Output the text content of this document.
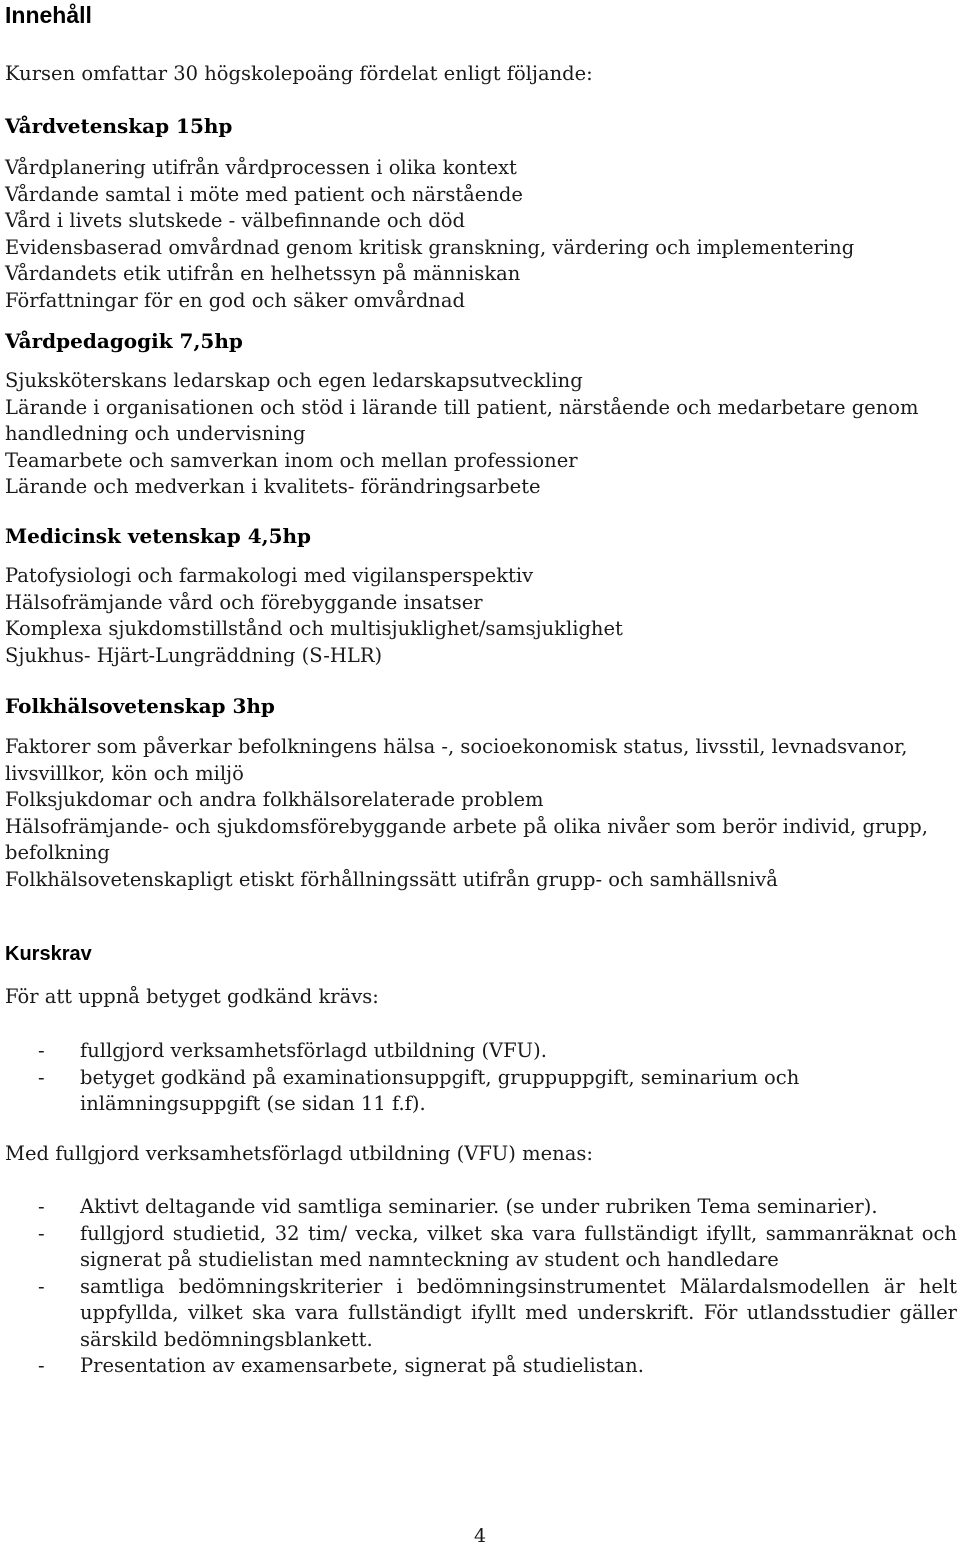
Innehåll
Kursen omfattar 30 högskolepoäng fördelat enligt följande:
Vårdvetenskap 15hp
Vårdplanering utifrån vårdprocessen i olika kontext
Vårdande samtal i möte med patient och närstående
Vård i livets slutskede - välbefinnande och död
Evidensbaserad omvårdnad genom kritisk granskning, värdering och implementering
Vårdandets etik utifrån en helhetssyn på människan
Författningar för en god och säker omvårdnad
Vårdpedagogik 7,5hp
Sjuksköterskans ledarskap och egen ledarskapsutveckling
Lärande i organisationen och stöd i lärande till patient, närstående och medarbetare genom handledning och undervisning
Teamarbete och samverkan inom och mellan professioner
Lärande och medverkan i kvalitets- förändringsarbete
Medicinsk vetenskap 4,5hp
Patofysiologi och farmakologi med vigilansperspektiv
Hälsofrämjande vård och förebyggande insatser
Komplexa sjukdomstillstånd och multisjuklighet/samsjuklighet
Sjukhus- Hjärt-Lungräddning (S-HLR)
Folkhälsovetenskap 3hp
Faktorer som påverkar befolkningens hälsa -, socioekonomisk status, livsstil, levnadsvanor, livsvillkor, kön och miljö
Folksjukdomar och andra folkhälsorelaterade problem
Hälsofrämjande- och sjukdomsförebyggande arbete på olika nivåer som berör individ, grupp, befolkning
Folkhälsovetenskapligt etiskt förhållningssätt utifrån grupp- och samhällsnivå
Kurskrav
För att uppnå betyget godkänd krävs:
- fullgjord verksamhetsförlagd utbildning (VFU).
- betyget godkänd på examinationsuppgift, gruppuppgift, seminarium och inlämningsuppgift (se sidan 11 f.f).
Med fullgjord verksamhetsförlagd utbildning (VFU) menas:
- Aktivt deltagande vid samtliga seminarier. (se under rubriken Tema seminarier).
- fullgjord studietid, 32 tim/ vecka, vilket ska vara fullständigt ifyllt, sammanräknat och signerat på studielistan med namnteckning av student och handledare
- samtliga bedömningskriterier i bedömningsinstrumentet Mälardalsmodellen är helt uppfyllda, vilket ska vara fullständigt ifyllt med underskrift. För utlandsstudier gäller särskild bedömningsblankett.
- Presentation av examensarbete, signerat på studielistan.
4
